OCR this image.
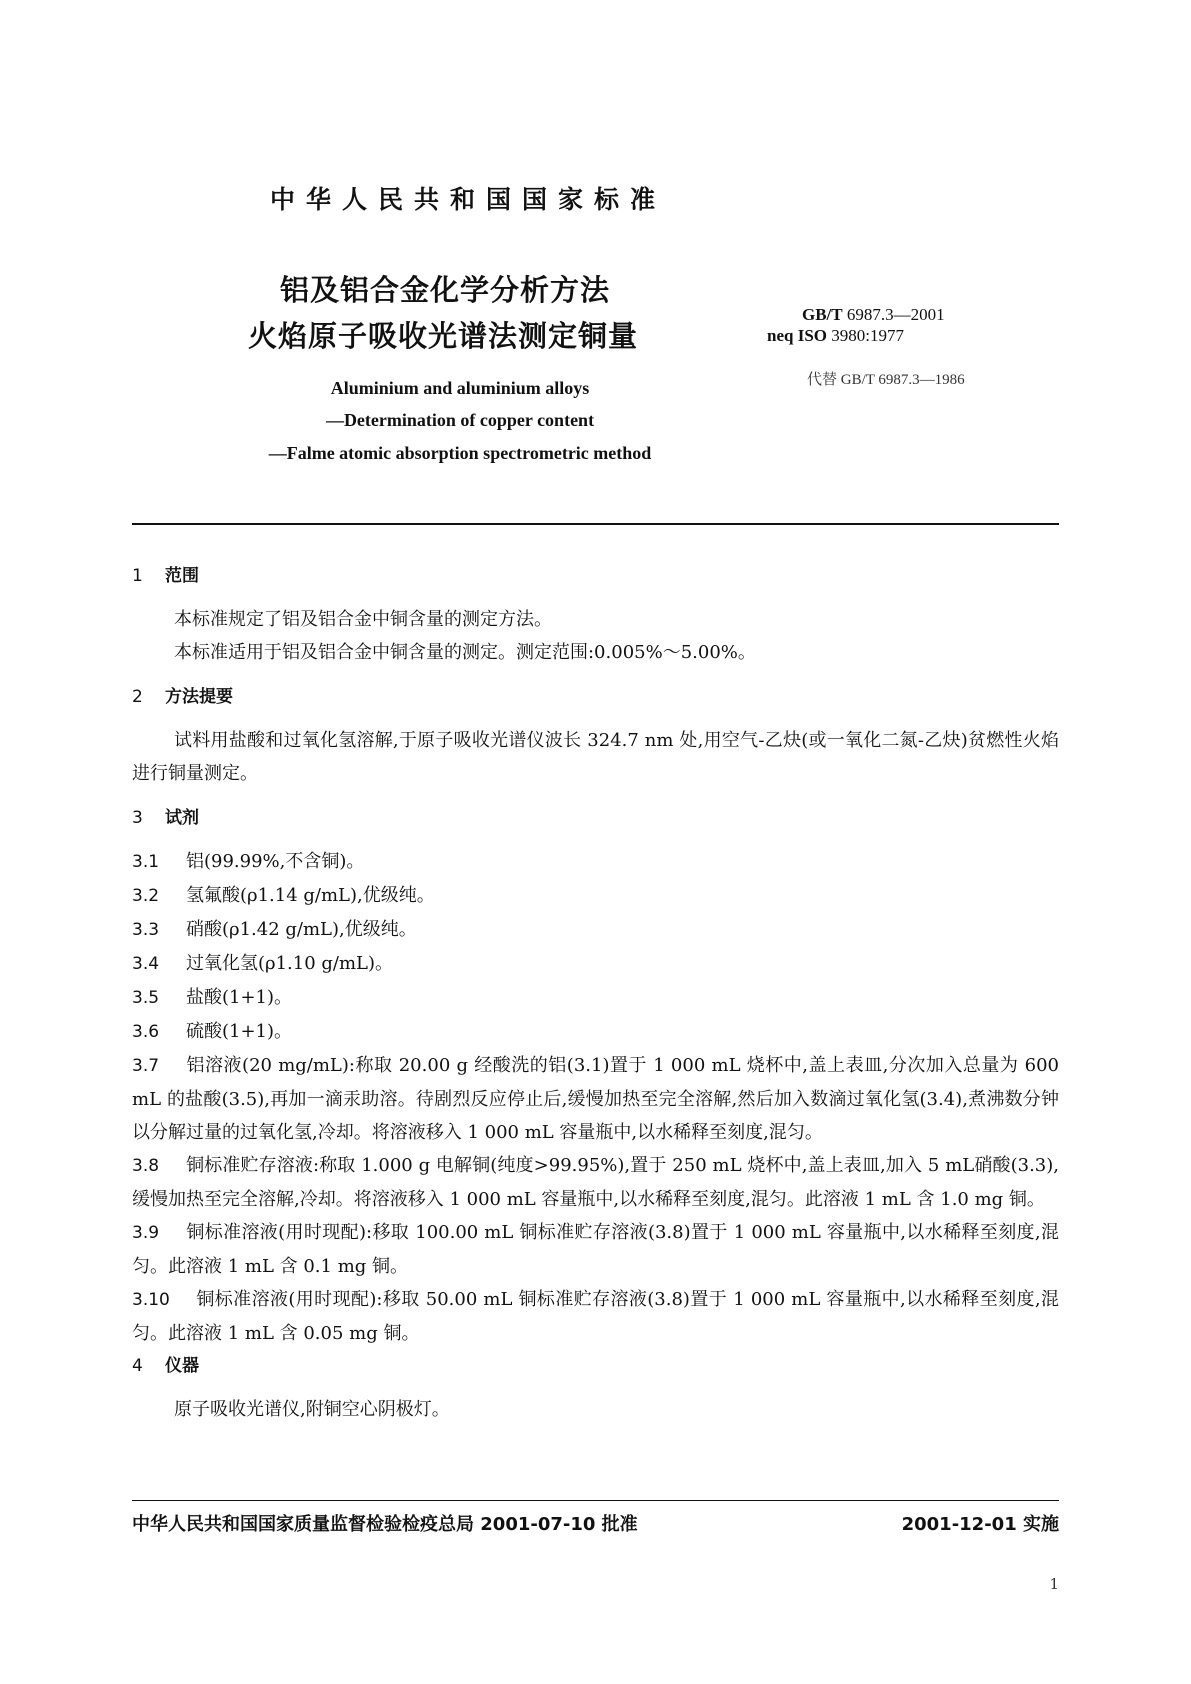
中华人民共和国国家标准
铝及铝合金化学分析方法
火焰原子吸收光谱法测定铜量
GB/T 6987.3—2001
neq ISO 3980:1977
代替 GB/T 6987.3—1986
Aluminium and aluminium alloys
—Determination of copper content
—Falme atomic absorption spectrometric method
1 范围

本标准规定了铝及铝合金中铜含量的测定方法。

本标准适用于铝及铝合金中铜含量的测定。测定范围:0.005%～5.00%。

2 方法提要

试料用盐酸和过氧化氢溶解,于原子吸收光谱仪波长 324.7 nm 处,用空气-乙炔(或一氧化二氮-乙炔)贫燃性火焰进行铜量测定。

3 试剂

3.1 铝(99.99%,不含铜)。

3.2 氢氟酸(ρ1.14 g/mL),优级纯。

3.3 硝酸(ρ1.42 g/mL),优级纯。

3.4 过氧化氢(ρ1.10 g/mL)。

3.5 盐酸(1+1)。

3.6 硫酸(1+1)。

3.7 铝溶液(20 mg/mL):称取 20.00 g 经酸洗的铝(3.1)置于 1 000 mL 烧杯中,盖上表皿,分次加入总量为 600 mL 的盐酸(3.5),再加一滴汞助溶。待剧烈反应停止后,缓慢加热至完全溶解,然后加入数滴过氧化氢(3.4),煮沸数分钟以分解过量的过氧化氢,冷却。将溶液移入 1 000 mL 容量瓶中,以水稀释至刻度,混匀。

3.8 铜标准贮存溶液:称取 1.000 g 电解铜(纯度>99.95%),置于 250 mL 烧杯中,盖上表皿,加入 5 mL硝酸(3.3),缓慢加热至完全溶解,冷却。将溶液移入 1 000 mL 容量瓶中,以水稀释至刻度,混匀。此溶液 1 mL 含 1.0 mg 铜。

3.9 铜标准溶液(用时现配):移取 100.00 mL 铜标准贮存溶液(3.8)置于 1 000 mL 容量瓶中,以水稀释至刻度,混匀。此溶液 1 mL 含 0.1 mg 铜。

3.10 铜标准溶液(用时现配):移取 50.00 mL 铜标准贮存溶液(3.8)置于 1 000 mL 容量瓶中,以水稀释至刻度,混匀。此溶液 1 mL 含 0.05 mg 铜。

4 仪器

原子吸收光谱仪,附铜空心阴极灯。

中华人民共和国国家质量监督检验检疫总局 2001-07-10 批准	2001-12-01 实施
1
